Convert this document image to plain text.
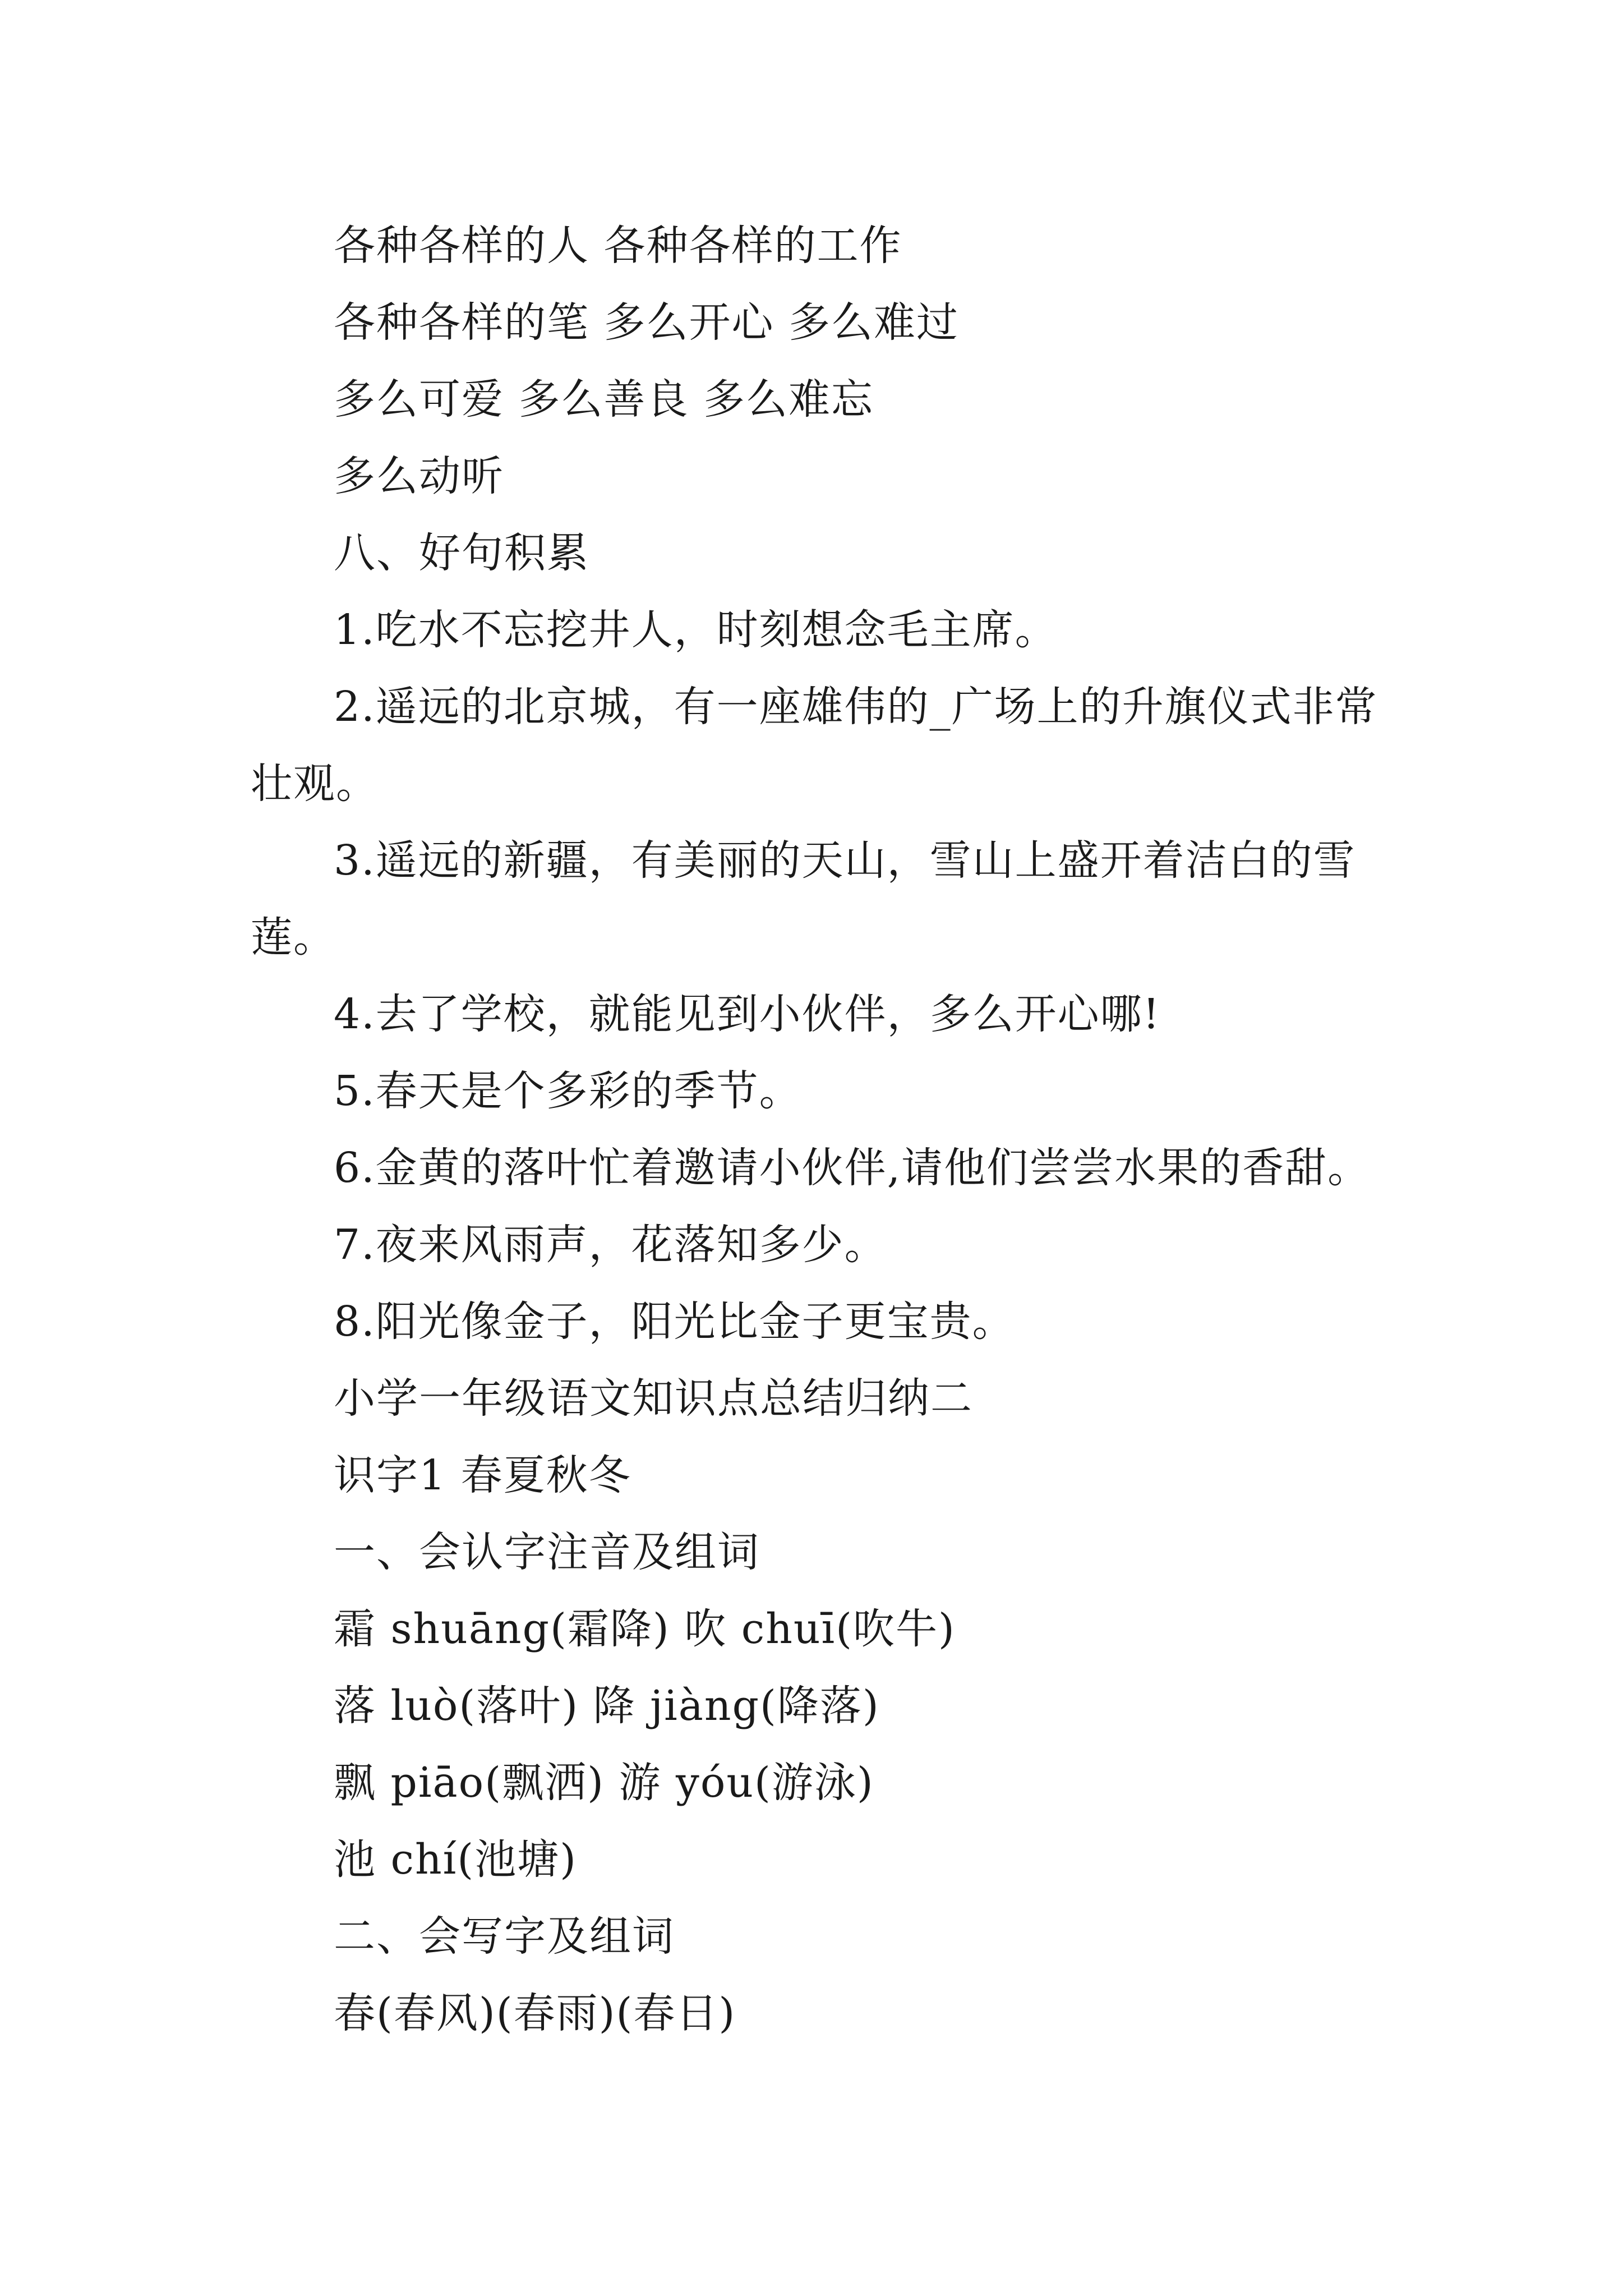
各种各样的人 各种各样的工作

各种各样的笔 多么开心 多么难过

多么可爱 多么善良 多么难忘

多么动听

八、好句积累

1.吃水不忘挖井人，时刻想念毛主席。

2.遥远的北京城，有一座雄伟的_广场上的升旗仪式非常壮观。

3.遥远的新疆，有美丽的天山，雪山上盛开着洁白的雪莲。

4.去了学校，就能见到小伙伴，多么开心哪!

5.春天是个多彩的季节。

6.金黄的落叶忙着邀请小伙伴,请他们尝尝水果的香甜。

7.夜来风雨声，花落知多少。

8.阳光像金子，阳光比金子更宝贵。

小学一年级语文知识点总结归纳二

识字1 春夏秋冬

一、会认字注音及组词

霜 shuāng(霜降) 吹 chuī(吹牛)

落 luò(落叶) 降 jiàng(降落)

飘 piāo(飘洒) 游 yóu(游泳)

池 chí(池塘)

二、会写字及组词

春(春风)(春雨)(春日)
